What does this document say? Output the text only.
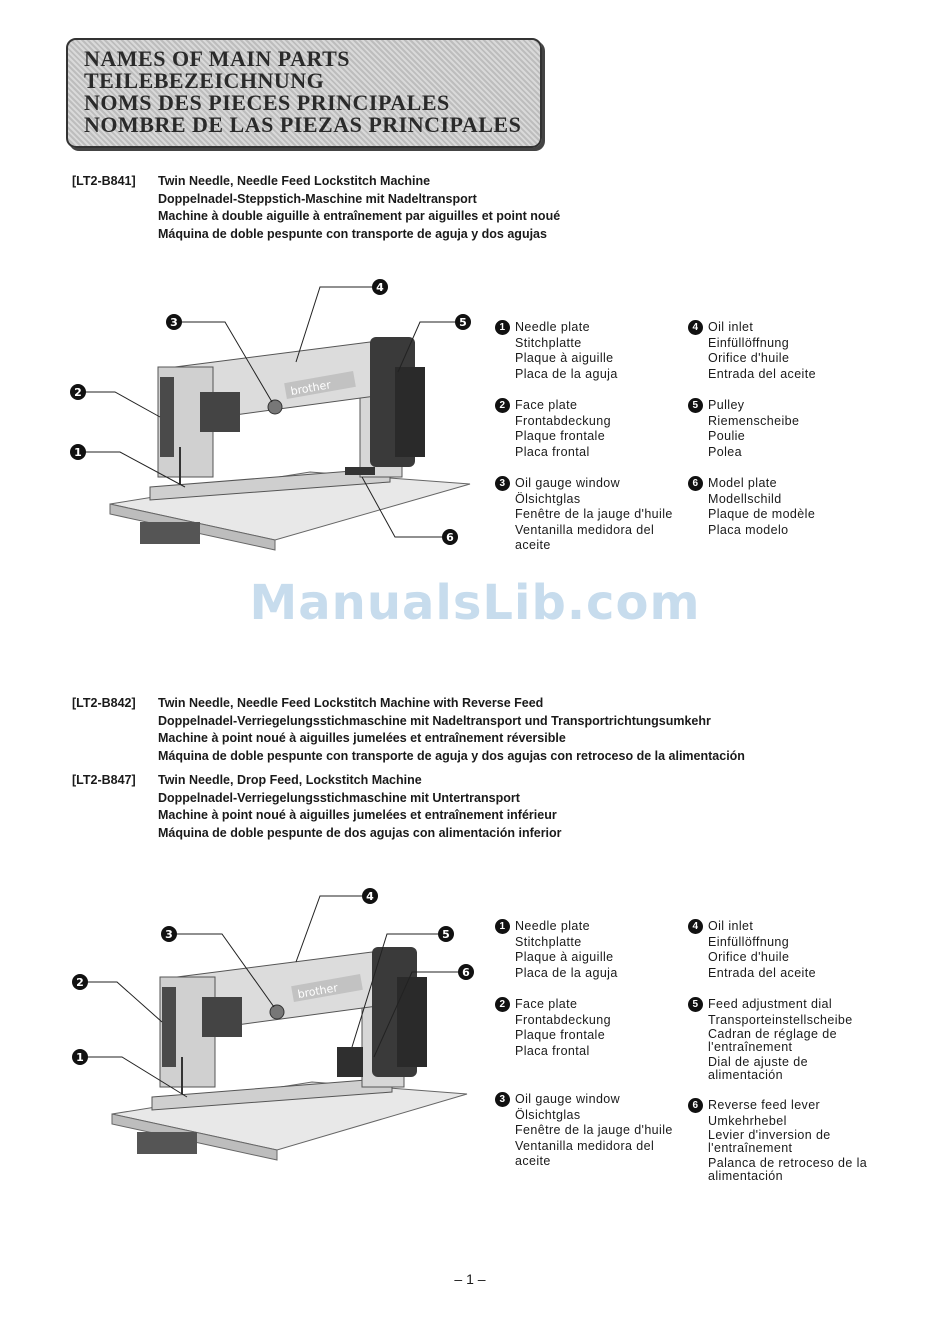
NAMES OF MAIN PARTS
TEILEBEZEICHNUNG
NOMS DES PIECES PRINCIPALES
NOMBRE DE LAS PIEZAS PRINCIPALES
[LT2-B841] Twin Needle, Needle Feed Lockstitch Machine
Doppelnadel-Steppstich-Maschine mit Nadeltransport
Machine à double aiguille à entraînement par aiguilles et point noué
Máquina de doble pespunte con transporte de aguja y dos agujas
brother
1
2
3
4
5
6
1 Needle plate
Stitchplatte
Plaque à aiguille
Placa de la aguja
2 Face plate
Frontabdeckung
Plaque frontale
Placa frontal
3 Oil gauge window
Ölsichtglas
Fenêtre de la jauge d'huile
Ventanilla medidora del
aceite
4 Oil inlet
Einfüllöffnung
Orifice d'huile
Entrada del aceite
5 Pulley
Riemenscheibe
Poulie
Polea
6 Model plate
Modellschild
Plaque de modèle
Placa modelo
ManualsLib.com
[LT2-B842] Twin Needle, Needle Feed Lockstitch Machine with Reverse Feed
Doppelnadel-Verriegelungsstichmaschine mit Nadeltransport und Transportrichtungsumkehr
Machine à point noué à aiguilles jumelées et entraînement réversible
Máquina de doble pespunte con transporte de aguja y dos agujas con retroceso de la alimentación
[LT2-B847] Twin Needle, Drop Feed, Lockstitch Machine
Doppelnadel-Verriegelungsstichmaschine mit Untertransport
Machine à point noué à aiguilles jumelées et entraînement inférieur
Máquina de doble pespunte de dos agujas con alimentación inferior
brother
1
2
3
4
5
6
1 Needle plate
Stitchplatte
Plaque à aiguille
Placa de la aguja
2 Face plate
Frontabdeckung
Plaque frontale
Placa frontal
3 Oil gauge window
Ölsichtglas
Fenêtre de la jauge d'huile
Ventanilla medidora del
aceite
4 Oil inlet
Einfüllöffnung
Orifice d'huile
Entrada del aceite
5 Feed adjustment dial
Transporteinstellscheibe
Cadran de réglage de
l'entraînement
Dial de ajuste de
alimentación
6 Reverse feed lever
Umkehrhebel
Levier d'inversion de
l'entraînement
Palanca de retroceso de la
alimentación
– 1 –
